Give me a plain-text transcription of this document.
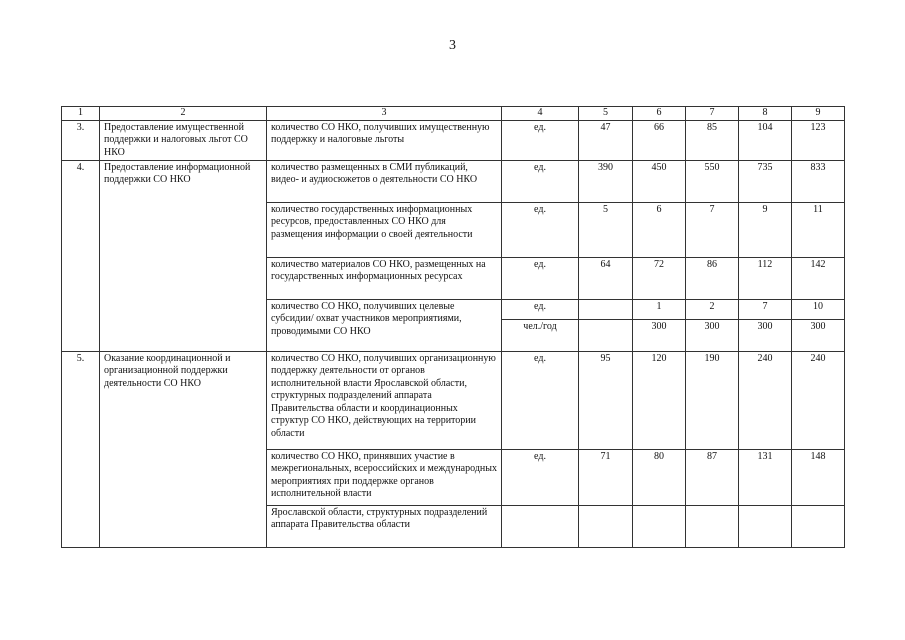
3
1	2	3	4	5	6	7	8	9
3.	Предоставление имущественной поддержки и налоговых льгот СО НКО	количество СО НКО, получивших имущественную поддержку и налоговые льготы	ед.	47	66	85	104	123
4.	Предоставление информационной поддержки СО НКО	количество размещенных в СМИ публикаций, видео- и аудиосюжетов о деятельности СО НКО	ед.	390	450	550	735	833
		количество государственных информационных ресурсов, предоставленных СО НКО для размещения информации о своей деятельности	ед.	5	6	7	9	11
		количество материалов СО НКО, размещенных на государственных информационных ресурсах	ед.	64	72	86	112	142
		количество СО НКО, получивших целевые субсидии/ охват участников мероприятиями, проводимыми СО НКО	ед.		1	2	7	10
			чел./год		300	300	300	300
5.	Оказание координационной и организационной поддержки деятельности СО НКО	количество СО НКО, получивших организационную поддержку деятельности от органов исполнительной власти Ярославской области, структурных подразделений аппарата Правительства области и координационных структур СО НКО, действующих на территории области	ед.	95	120	190	240	240
		количество СО НКО, принявших участие в межрегиональных, всероссийских и международных мероприятиях при поддержке органов исполнительной власти	ед.	71	80	87	131	148
		Ярославской области, структурных подразделений аппарата Правительства области						
